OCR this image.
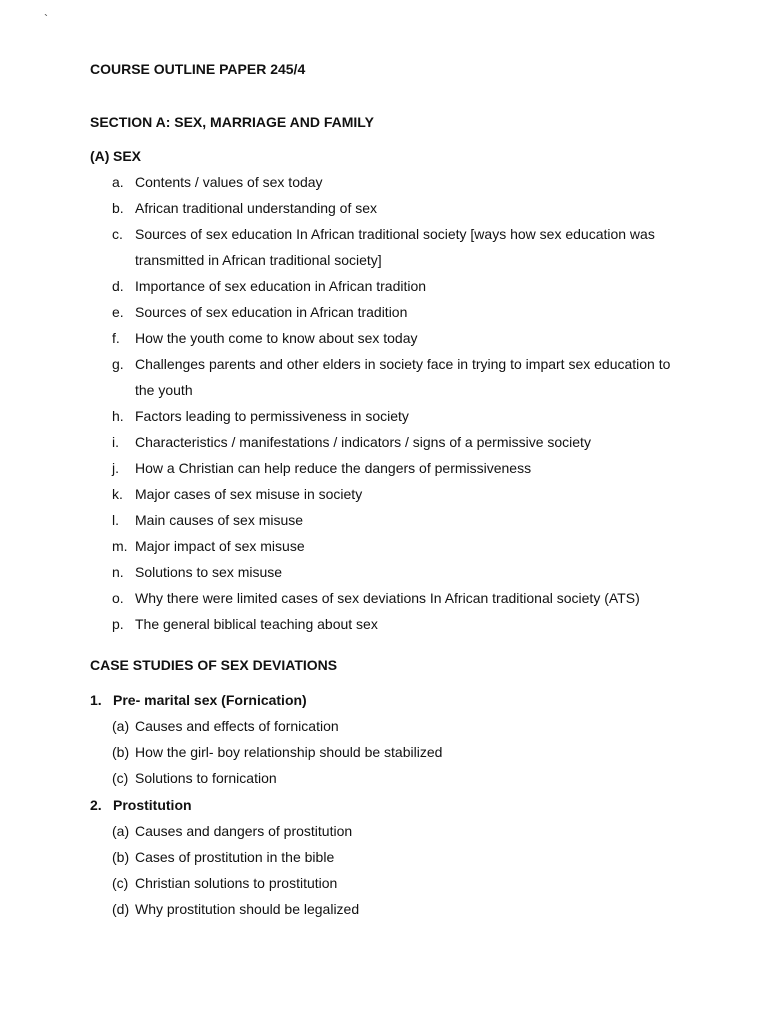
`
COURSE OUTLINE PAPER 245/4
SECTION A: SEX, MARRIAGE AND FAMILY
(A) SEX
a. Contents / values of sex today
b. African traditional understanding of sex
c. Sources of sex education In African traditional society [ways how sex education was transmitted in African traditional society]
d. Importance of sex education in African tradition
e. Sources of sex education in African tradition
f. How the youth come to know about sex today
g. Challenges parents and other elders in society face in trying to impart sex education to the youth
h. Factors leading to permissiveness in society
i. Characteristics / manifestations / indicators / signs of a permissive society
j. How a Christian can help reduce the dangers of permissiveness
k. Major cases of sex misuse in society
l. Main causes of sex misuse
m. Major impact of sex misuse
n. Solutions to sex misuse
o. Why there were limited cases of sex deviations In African traditional society (ATS)
p. The general biblical teaching about sex
CASE STUDIES OF SEX DEVIATIONS
1. Pre- marital sex (Fornication)
(a) Causes and effects of fornication
(b) How the girl- boy relationship should be stabilized
(c) Solutions to fornication
2. Prostitution
(a) Causes and dangers of prostitution
(b) Cases of prostitution in the bible
(c) Christian solutions to prostitution
(d) Why prostitution should be legalized
